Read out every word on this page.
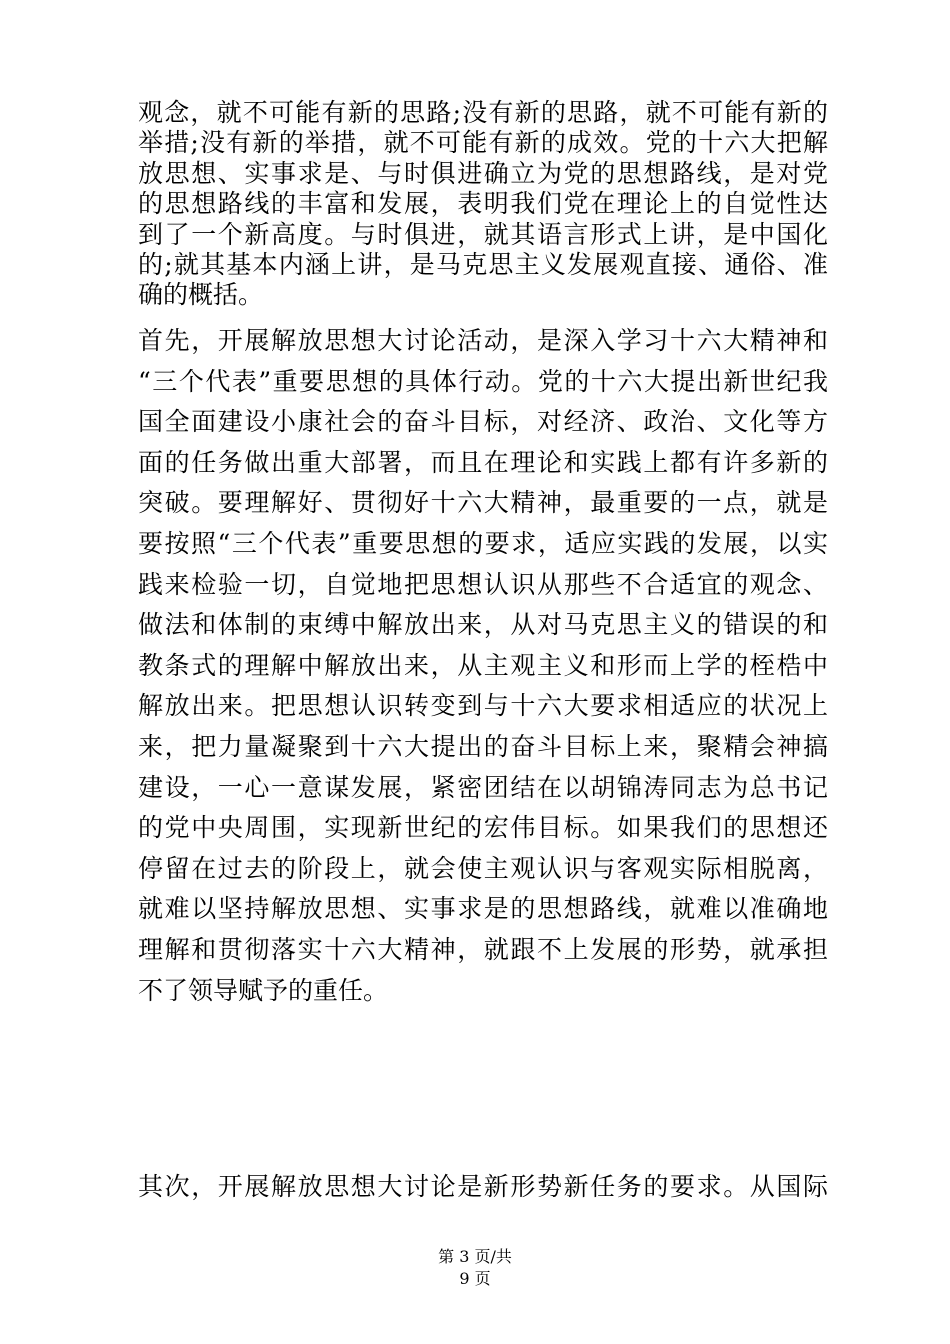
观念，就不可能有新的思路;没有新的思路，就不可能有新的
举措;没有新的举措，就不可能有新的成效。党的十六大把解
放思想、实事求是、与时俱进确立为党的思想路线，是对党
的思想路线的丰富和发展，表明我们党在理论上的自觉性达
到了一个新高度。与时俱进，就其语言形式上讲，是中国化
的;就其基本内涵上讲，是马克思主义发展观直接、通俗、准
确的概括。
首先，开展解放思想大讨论活动，是深入学习十六大精神和
“三个代表”重要思想的具体行动。党的十六大提出新世纪我
国全面建设小康社会的奋斗目标，对经济、政治、文化等方
面的任务做出重大部署，而且在理论和实践上都有许多新的
突破。要理解好、贯彻好十六大精神，最重要的一点，就是
要按照“三个代表”重要思想的要求，适应实践的发展，以实
践来检验一切，自觉地把思想认识从那些不合适宜的观念、
做法和体制的束缚中解放出来，从对马克思主义的错误的和
教条式的理解中解放出来，从主观主义和形而上学的桎梏中
解放出来。把思想认识转变到与十六大要求相适应的状况上
来，把力量凝聚到十六大提出的奋斗目标上来，聚精会神搞
建设，一心一意谋发展，紧密团结在以胡锦涛同志为总书记
的党中央周围，实现新世纪的宏伟目标。如果我们的思想还
停留在过去的阶段上，就会使主观认识与客观实际相脱离，
就难以坚持解放思想、实事求是的思想路线，就难以准确地
理解和贯彻落实十六大精神，就跟不上发展的形势，就承担
不了领导赋予的重任。
其次，开展解放思想大讨论是新形势新任务的要求。从国际
第 3 页/共
9 页
